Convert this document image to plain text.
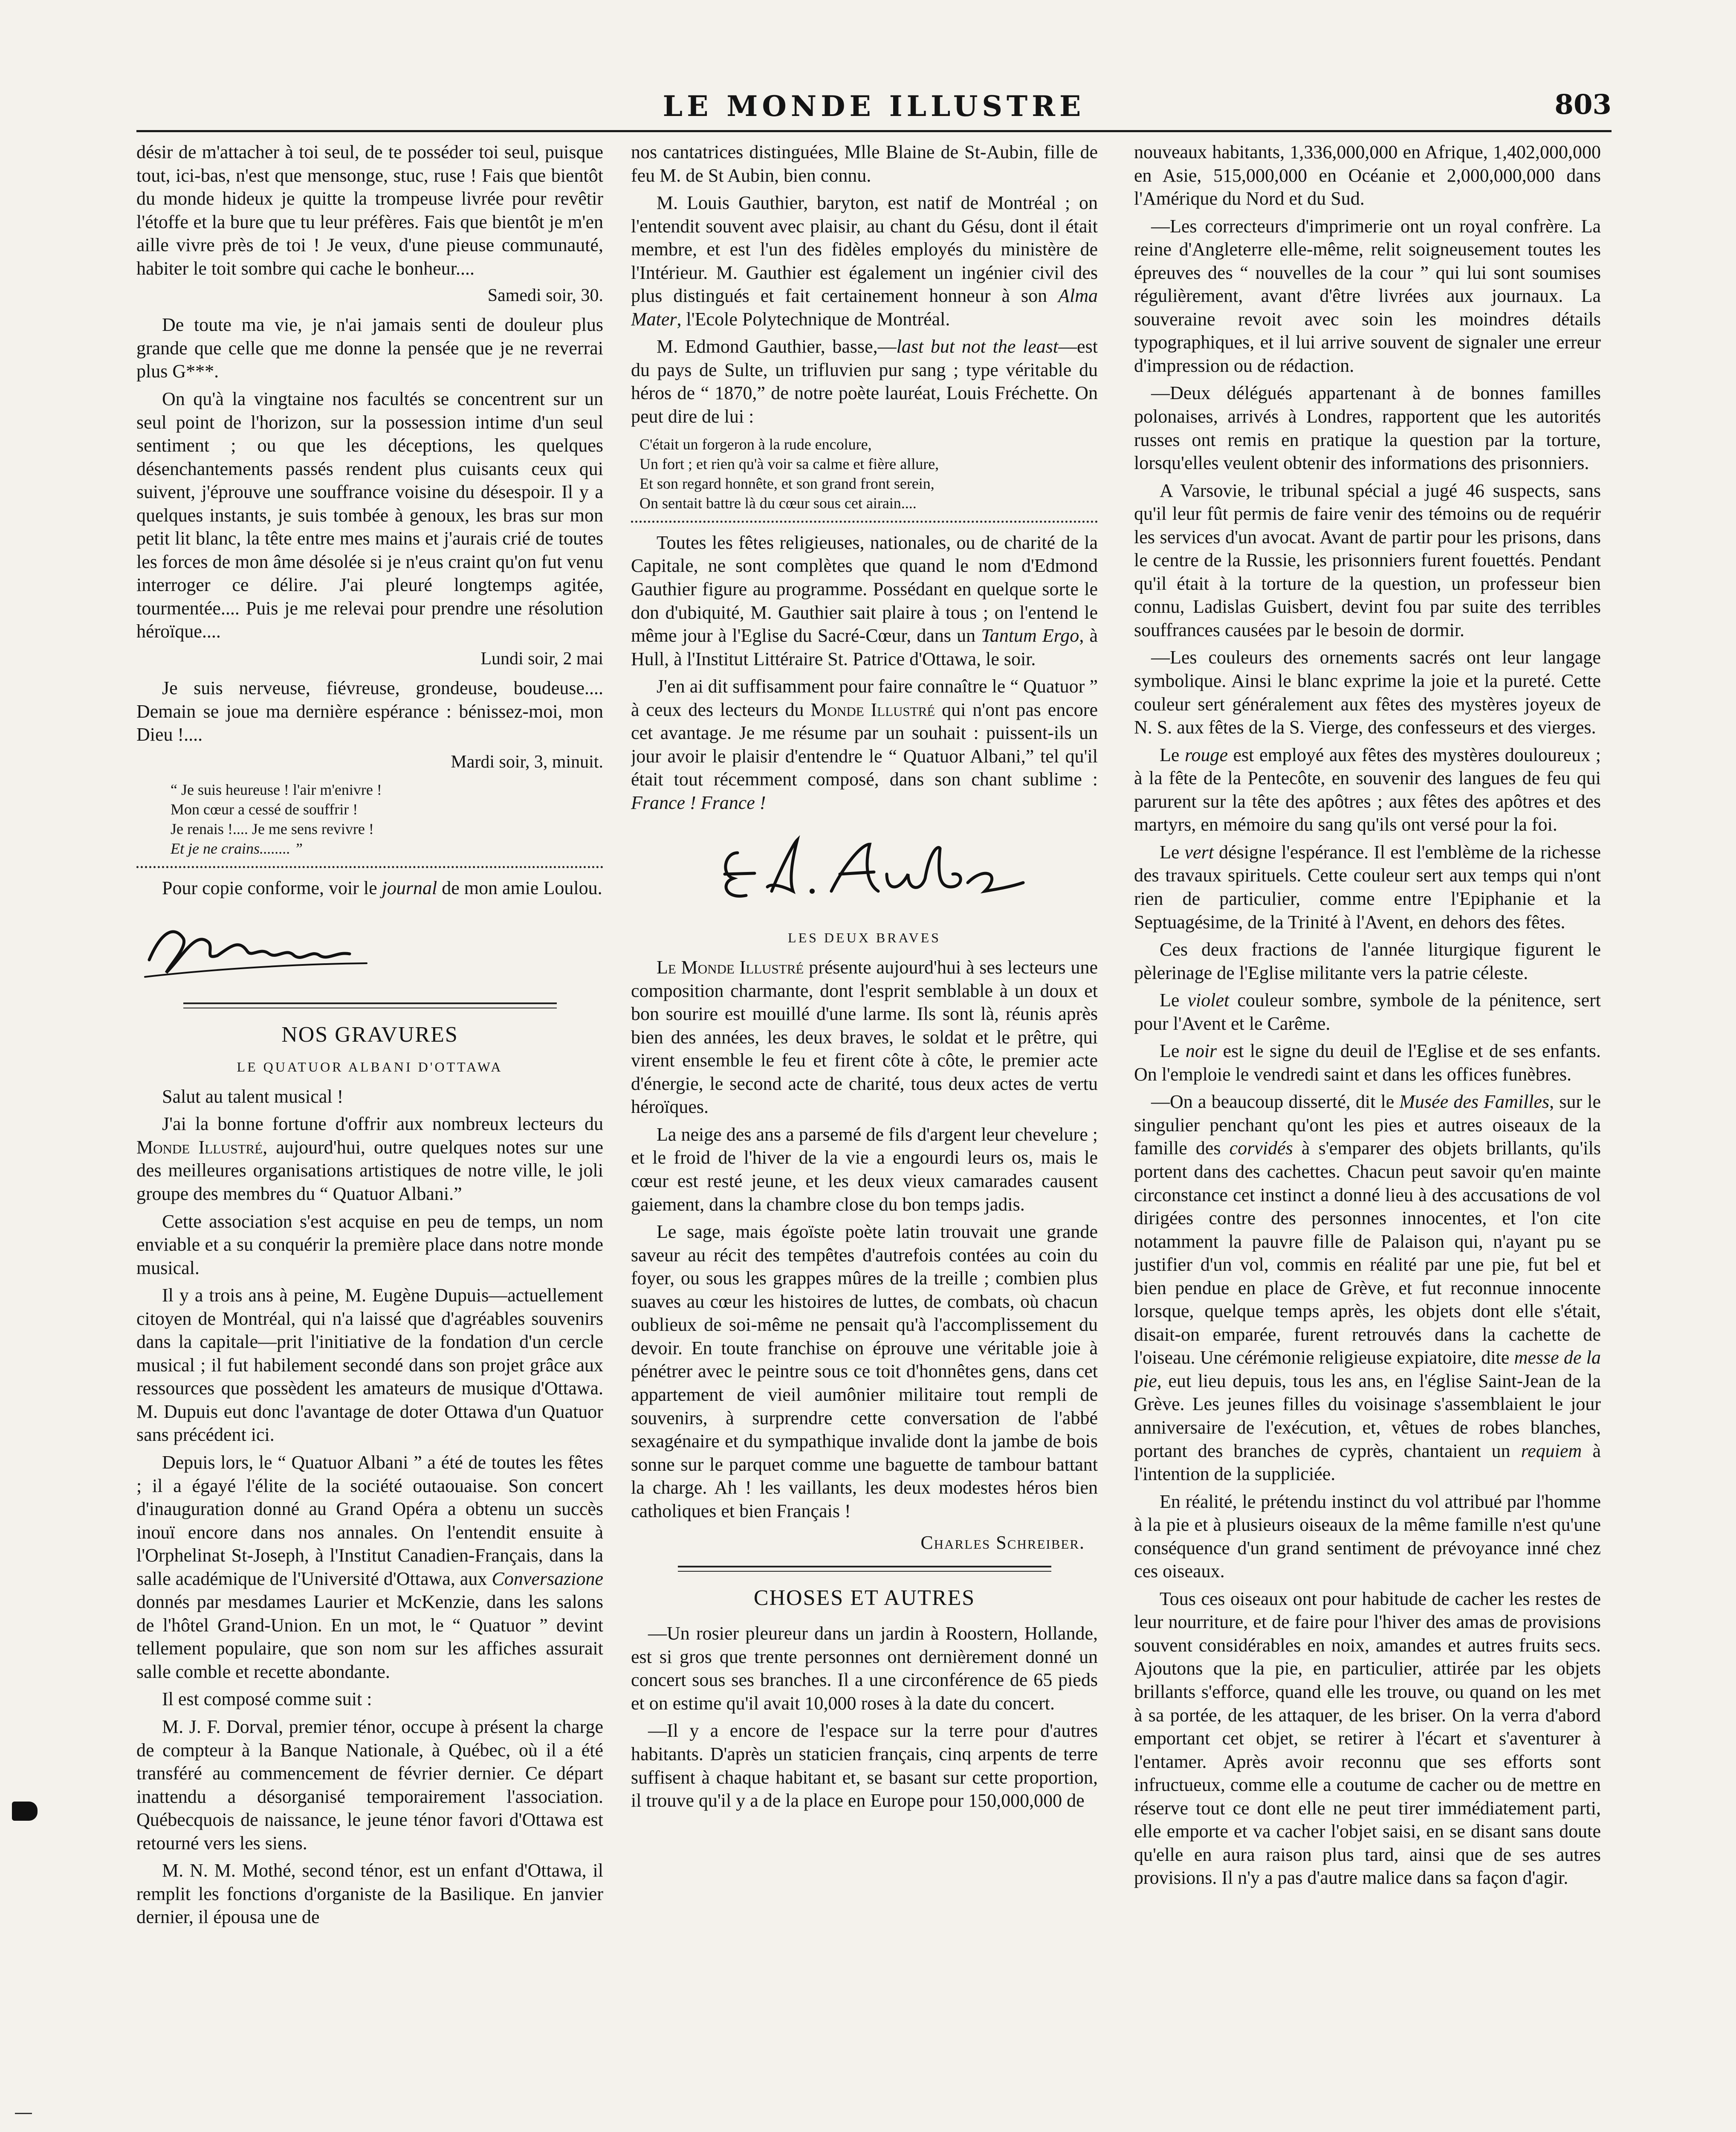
LE MONDE ILLUSTRE	803

désir de m'attacher à toi seul, de te posséder toi seul, puisque tout, ici-bas, n'est que mensonge, stuc, ruse ! Fais que bientôt du monde hideux je quitte la trompeuse livrée pour revêtir l'étoffe et la bure que tu leur préfères. Fais que bientôt je m'en aille vivre près de toi ! Je veux, d'une pieuse communauté, habiter le toit sombre qui cache le bonheur....

Samedi soir, 30.

De toute ma vie, je n'ai jamais senti de douleur plus grande que celle que me donne la pensée que je ne reverrai plus G***.

On qu'à la vingtaine nos facultés se concentrent sur un seul point de l'horizon, sur la possession intime d'un seul sentiment ; ou que les déceptions, les quelques désenchantements passés rendent plus cuisants ceux qui suivent, j'éprouve une souffrance voisine du désespoir. Il y a quelques instants, je suis tombée à genoux, les bras sur mon petit lit blanc, la tête entre mes mains et j'aurais crié de toutes les forces de mon âme désolée si je n'eus craint qu'on fut venu interroger ce délire. J'ai pleuré longtemps agitée, tourmentée.... Puis je me relevai pour prendre une résolution héroïque....

Lundi soir, 2 mai

Je suis nerveuse, fiévreuse, grondeuse, boudeuse.... Demain se joue ma dernière espérance : bénissez-moi, mon Dieu !....

Mardi soir, 3, minuit.
“ Je suis heureuse ! l'air m'enivre !
Mon cœur a cessé de souffrir !
Je renais !.... Je me sens revivre !
Et je ne crains........ ”

Pour copie conforme, voir le journal de mon amie Loulou.

Hermance
NOS GRAVURES
LE QUATUOR ALBANI D'OTTAWA

Salut au talent musical !

J'ai la bonne fortune d'offrir aux nombreux lecteurs du Monde Illustré, aujourd'hui, outre quelques notes sur une des meilleures organisations artistiques de notre ville, le joli groupe des membres du “ Quatuor Albani.”

Cette association s'est acquise en peu de temps, un nom enviable et a su conquérir la première place dans notre monde musical.

Il y a trois ans à peine, M. Eugène Dupuis—actuellement citoyen de Montréal, qui n'a laissé que d'agréables souvenirs dans la capitale—prit l'initiative de la fondation d'un cercle musical ; il fut habilement secondé dans son projet grâce aux ressources que possèdent les amateurs de musique d'Ottawa. M. Dupuis eut donc l'avantage de doter Ottawa d'un Quatuor sans précédent ici.

Depuis lors, le “ Quatuor Albani ” a été de toutes les fêtes ; il a égayé l'élite de la société outaouaise. Son concert d'inauguration donné au Grand Opéra a obtenu un succès inouï encore dans nos annales. On l'entendit ensuite à l'Orphelinat St-Joseph, à l'Institut Canadien-Français, dans la salle académique de l'Université d'Ottawa, aux Conversazione donnés par mesdames Laurier et McKenzie, dans les salons de l'hôtel Grand-Union. En un mot, le “ Quatuor ” devint tellement populaire, que son nom sur les affiches assurait salle comble et recette abondante.

Il est composé comme suit :

M. J. F. Dorval, premier ténor, occupe à présent la charge de compteur à la Banque Nationale, à Québec, où il a été transféré au commencement de février dernier. Ce départ inattendu a désorganisé temporairement l'association. Québecquois de naissance, le jeune ténor favori d'Ottawa est retourné vers les siens.

M. N. M. Mothé, second ténor, est un enfant d'Ottawa, il remplit les fonctions d'organiste de la Basilique. En janvier dernier, il épousa une de

nos cantatrices distinguées, Mlle Blaine de St-Aubin, fille de feu M. de St Aubin, bien connu.

M. Louis Gauthier, baryton, est natif de Montréal ; on l'entendit souvent avec plaisir, au chant du Gésu, dont il était membre, et est l'un des fidèles employés du ministère de l'Intérieur. M. Gauthier est également un ingénier civil des plus distingués et fait certainement honneur à son Alma Mater, l'Ecole Polytechnique de Montréal.

M. Edmond Gauthier, basse,—last but not the least—est du pays de Sulte, un trifluvien pur sang ; type véritable du héros de “ 1870,” de notre poète lauréat, Louis Fréchette. On peut dire de lui :

C'était un forgeron à la rude encolure,
Un fort ; et rien qu'à voir sa calme et fière allure,
Et son regard honnête, et son grand front serein,
On sentait battre là du cœur sous cet airain....

Toutes les fêtes religieuses, nationales, ou de charité de la Capitale, ne sont complètes que quand le nom d'Edmond Gauthier figure au programme. Possédant en quelque sorte le don d'ubiquité, M. Gauthier sait plaire à tous ; on l'entend le même jour à l'Eglise du Sacré-Cœur, dans un Tantum Ergo, à Hull, à l'Institut Littéraire St. Patrice d'Ottawa, le soir.

J'en ai dit suffisamment pour faire connaître le “ Quatuor ” à ceux des lecteurs du Monde Illustré qui n'ont pas encore cet avantage. Je me résume par un souhait : puissent-ils un jour avoir le plaisir d'entendre le “ Quatuor Albani,” tel qu'il était tout récemment composé, dans son chant sublime : France ! France !

Ed. Aubé
LES DEUX BRAVES

Le Monde Illustré présente aujourd'hui à ses lecteurs une composition charmante, dont l'esprit semblable à un doux et bon sourire est mouillé d'une larme. Ils sont là, réunis après bien des années, les deux braves, le soldat et le prêtre, qui virent ensemble le feu et firent côte à côte, le premier acte d'énergie, le second acte de charité, tous deux actes de vertu héroïques.

La neige des ans a parsemé de fils d'argent leur chevelure ; et le froid de l'hiver de la vie a engourdi leurs os, mais le cœur est resté jeune, et les deux vieux camarades causent gaiement, dans la chambre close du bon temps jadis.

Le sage, mais égoïste poète latin trouvait une grande saveur au récit des tempêtes d'autrefois contées au coin du foyer, ou sous les grappes mûres de la treille ; combien plus suaves au cœur les histoires de luttes, de combats, où chacun oublieux de soi-même ne pensait qu'à l'accomplissement du devoir. En toute franchise on éprouve une véritable joie à pénétrer avec le peintre sous ce toit d'honnêtes gens, dans cet appartement de vieil aumônier militaire tout rempli de souvenirs, à surprendre cette conversation de l'abbé sexagénaire et du sympathique invalide dont la jambe de bois sonne sur le parquet comme une baguette de tambour battant la charge. Ah ! les vaillants, les deux modestes héros bien catholiques et bien Français !

Charles Schreiber.
CHOSES ET AUTRES

—Un rosier pleureur dans un jardin à Roostern, Hollande, est si gros que trente personnes ont dernièrement donné un concert sous ses branches. Il a une circonférence de 65 pieds et on estime qu'il avait 10,000 roses à la date du concert.

—Il y a encore de l'espace sur la terre pour d'autres habitants. D'après un staticien français, cinq arpents de terre suffisent à chaque habitant et, se basant sur cette proportion, il trouve qu'il y a de la place en Europe pour 150,000,000 de

nouveaux habitants, 1,336,000,000 en Afrique, 1,402,000,000 en Asie, 515,000,000 en Océanie et 2,000,000,000 dans l'Amérique du Nord et du Sud.

—Les correcteurs d'imprimerie ont un royal confrère. La reine d'Angleterre elle-même, relit soigneusement toutes les épreuves des “ nouvelles de la cour ” qui lui sont soumises régulièrement, avant d'être livrées aux journaux. La souveraine revoit avec soin les moindres détails typographiques, et il lui arrive souvent de signaler une erreur d'impression ou de rédaction.

—Deux délégués appartenant à de bonnes familles polonaises, arrivés à Londres, rapportent que les autorités russes ont remis en pratique la question par la torture, lorsqu'elles veulent obtenir des informations des prisonniers.

A Varsovie, le tribunal spécial a jugé 46 suspects, sans qu'il leur fût permis de faire venir des témoins ou de requérir les services d'un avocat. Avant de partir pour les prisons, dans le centre de la Russie, les prisonniers furent fouettés. Pendant qu'il était à la torture de la question, un professeur bien connu, Ladislas Guisbert, devint fou par suite des terribles souffrances causées par le besoin de dormir.

—Les couleurs des ornements sacrés ont leur langage symbolique. Ainsi le blanc exprime la joie et la pureté. Cette couleur sert généralement aux fêtes des mystères joyeux de N. S. aux fêtes de la S. Vierge, des confesseurs et des vierges.

Le rouge est employé aux fêtes des mystères douloureux ; à la fête de la Pentecôte, en souvenir des langues de feu qui parurent sur la tête des apôtres ; aux fêtes des apôtres et des martyrs, en mémoire du sang qu'ils ont versé pour la foi.

Le vert désigne l'espérance. Il est l'emblème de la richesse des travaux spirituels. Cette couleur sert aux temps qui n'ont rien de particulier, comme entre l'Epiphanie et la Septuagésime, de la Trinité à l'Avent, en dehors des fêtes.

Ces deux fractions de l'année liturgique figurent le pèlerinage de l'Eglise militante vers la patrie céleste.

Le violet couleur sombre, symbole de la pénitence, sert pour l'Avent et le Carême.

Le noir est le signe du deuil de l'Eglise et de ses enfants. On l'emploie le vendredi saint et dans les offices funèbres.

—On a beaucoup disserté, dit le Musée des Familles, sur le singulier penchant qu'ont les pies et autres oiseaux de la famille des corvidés à s'emparer des objets brillants, qu'ils portent dans des cachettes. Chacun peut savoir qu'en mainte circonstance cet instinct a donné lieu à des accusations de vol dirigées contre des personnes innocentes, et l'on cite notamment la pauvre fille de Palaison qui, n'ayant pu se justifier d'un vol, commis en réalité par une pie, fut bel et bien pendue en place de Grève, et fut reconnue innocente lorsque, quelque temps après, les objets dont elle s'était, disait-on emparée, furent retrouvés dans la cachette de l'oiseau. Une cérémonie religieuse expiatoire, dite messe de la pie, eut lieu depuis, tous les ans, en l'église Saint-Jean de la Grève. Les jeunes filles du voisinage s'assemblaient le jour anniversaire de l'exécution, et, vêtues de robes blanches, portant des branches de cyprès, chantaient un requiem à l'intention de la suppliciée.

En réalité, le prétendu instinct du vol attribué par l'homme à la pie et à plusieurs oiseaux de la même famille n'est qu'une conséquence d'un grand sentiment de prévoyance inné chez ces oiseaux.

Tous ces oiseaux ont pour habitude de cacher les restes de leur nourriture, et de faire pour l'hiver des amas de provisions souvent considérables en noix, amandes et autres fruits secs. Ajoutons que la pie, en particulier, attirée par les objets brillants s'efforce, quand elle les trouve, ou quand on les met à sa portée, de les attaquer, de les briser. On la verra d'abord emportant cet objet, se retirer à l'écart et s'aventurer à l'entamer. Après avoir reconnu que ses efforts sont infructueux, comme elle a coutume de cacher ou de mettre en réserve tout ce dont elle ne peut tirer immédiatement parti, elle emporte et va cacher l'objet saisi, en se disant sans doute qu'elle en aura raison plus tard, ainsi que de ses autres provisions. Il n'y a pas d'autre malice dans sa façon d'agir.
